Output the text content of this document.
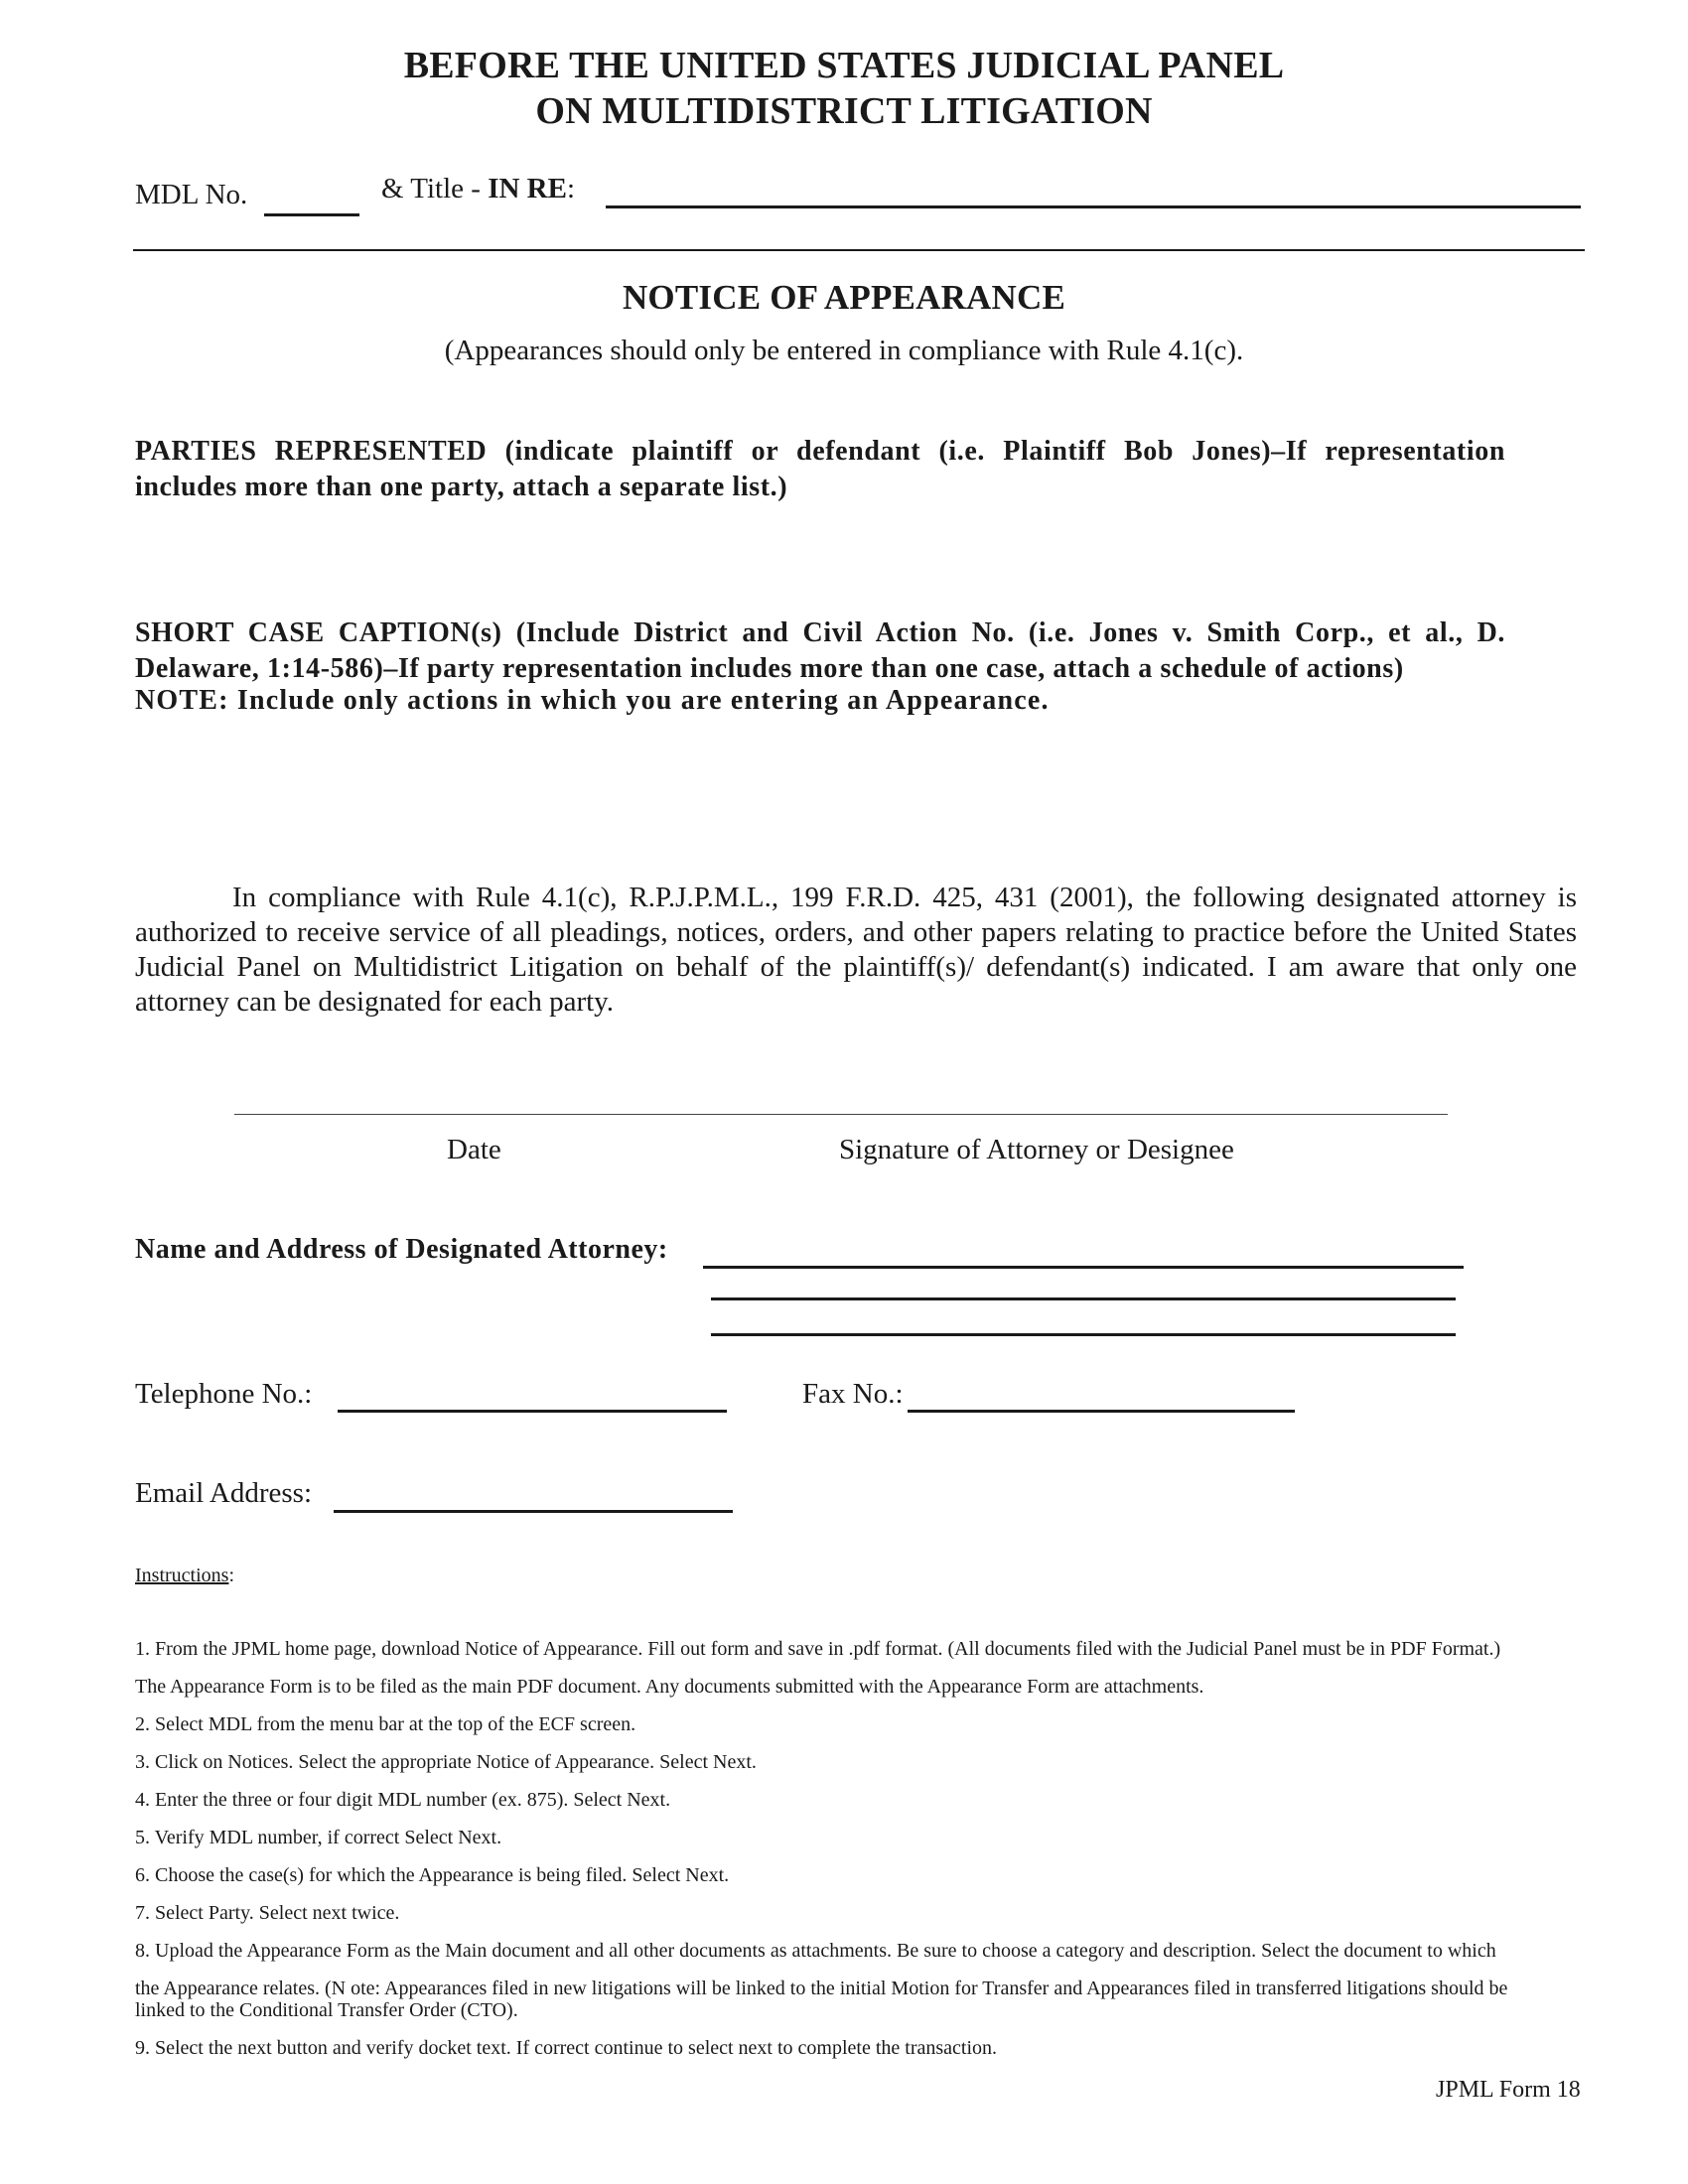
BEFORE THE UNITED STATES JUDICIAL PANEL
ON MULTIDISTRICT LITIGATION
MDL No.	& Title - IN RE:
NOTICE OF APPEARANCE
(Appearances should only be entered in compliance with Rule 4.1(c).
PARTIES REPRESENTED (indicate plaintiff or defendant (i.e. Plaintiff Bob Jones)–If representation includes more than one party, attach a separate list.)
SHORT CASE CAPTION(s) (Include District and Civil Action No. (i.e. Jones v. Smith Corp., et al., D. Delaware, 1:14-586)–If party representation includes more than one case, attach a schedule of actions)
NOTE: Include only actions in which you are entering an Appearance.
In compliance with Rule 4.1(c), R.P.J.P.M.L., 199 F.R.D. 425, 431 (2001), the following designated attorney is authorized to receive service of all pleadings, notices, orders, and other papers relating to practice before the United States Judicial Panel on Multidistrict Litigation on behalf of the plaintiff(s)/ defendant(s) indicated. I am aware that only one attorney can be designated for each party.
Date	Signature of Attorney or Designee
Name and Address of Designated Attorney:
Telephone No.:	Fax No.:
Email Address:
Instructions:
1. From the JPML home page, download Notice of Appearance. Fill out form and save in .pdf format. (All documents filed with the Judicial Panel must be in PDF Format.)
The Appearance Form is to be filed as the main PDF document. Any documents submitted with the Appearance Form are attachments.
2. Select MDL from the menu bar at the top of the ECF screen.
3. Click on Notices. Select the appropriate Notice of Appearance. Select Next.
4. Enter the three or four digit MDL number (ex. 875). Select Next.
5. Verify MDL number, if correct Select Next.
6. Choose the case(s) for which the Appearance is being filed. Select Next.
7. Select Party. Select next twice.
8. Upload the Appearance Form as the Main document and all other documents as attachments. Be sure to choose a category and description. Select the document to which
the Appearance relates. (N ote: Appearances filed in new litigations will be linked to the initial Motion for Transfer and Appearances filed in transferred litigations should be
linked to the Conditional Transfer Order (CTO).
9. Select the next button and verify docket text. If correct continue to select next to complete the transaction.
JPML Form 18
